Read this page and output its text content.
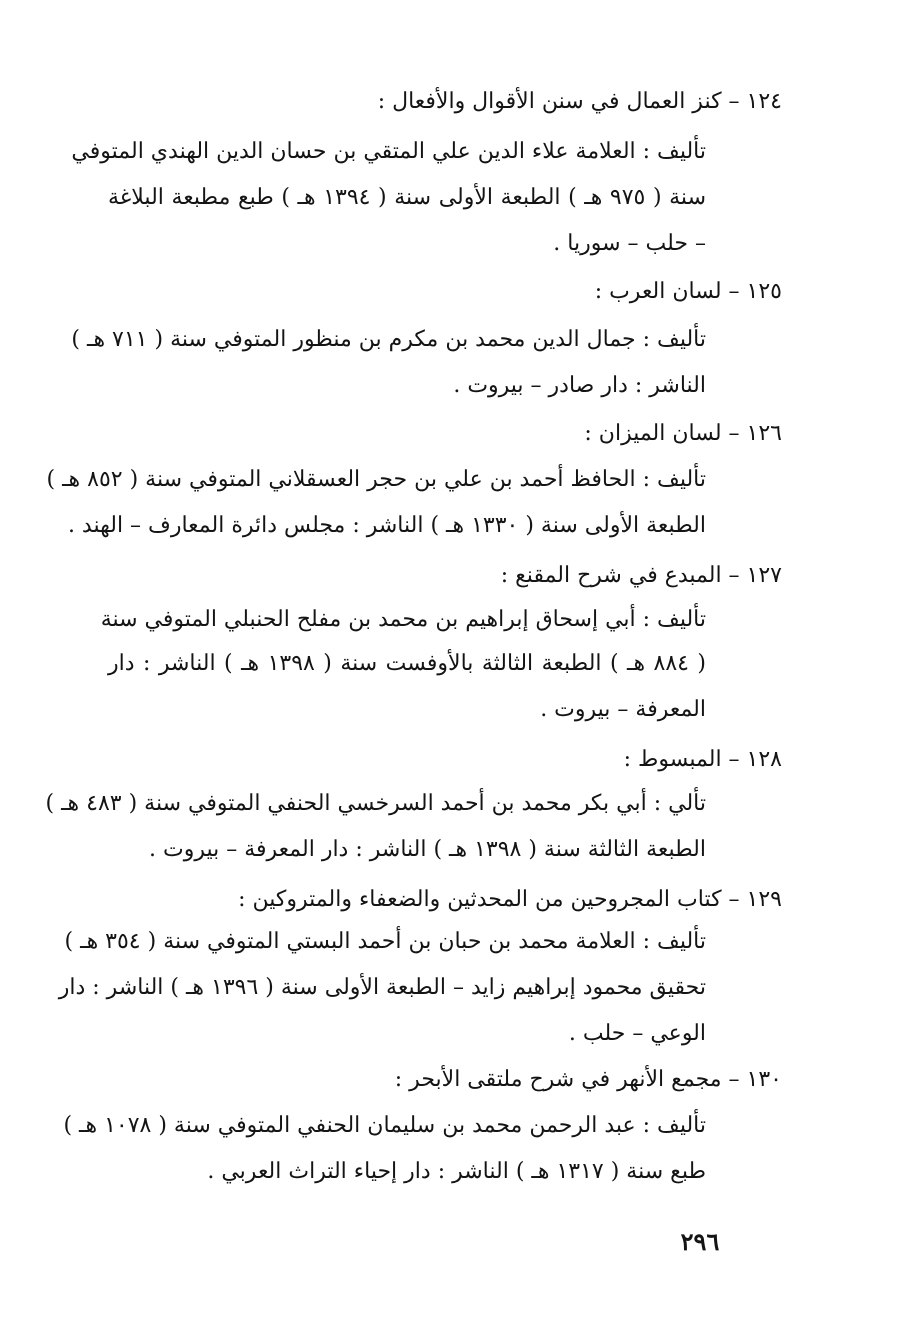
١٢٤ – كنز العمال في سنن الأقوال والأفعال :
تأليف : العلامة علاء الدين علي المتقي بن حسان الدين الهندي المتوفي
سنة ( ٩٧٥ هـ ) الطبعة الأولى سنة ( ١٣٩٤ هـ ) طبع مطبعة البلاغة
– حلب – سوريا .
١٢٥ – لسان العرب :
تأليف : جمال الدين محمد بن مكرم بن منظور المتوفي سنة ( ٧١١ هـ )
الناشر : دار صادر – بيروت .
١٢٦ – لسان الميزان :
تأليف : الحافظ أحمد بن علي بن حجر العسقلاني المتوفي سنة ( ٨٥٢ هـ )
الطبعة الأولى سنة ( ١٣٣٠ هـ ) الناشر : مجلس دائرة المعارف – الهند .
١٢٧ – المبدع في شرح المقنع :
تأليف : أبي إسحاق إبراهيم بن محمد بن مفلح الحنبلي المتوفي سنة
( ٨٨٤ هـ ) الطبعة الثالثة بالأوفست سنة ( ١٣٩٨ هـ ) الناشر : دار
المعرفة – بيروت .
١٢٨ – المبسوط :
تألي : أبي بكر محمد بن أحمد السرخسي الحنفي المتوفي سنة ( ٤٨٣ هـ )
الطبعة الثالثة سنة ( ١٣٩٨ هـ ) الناشر : دار المعرفة – بيروت .
١٢٩ – كتاب المجروحين من المحدثين والضعفاء والمتروكين :
تأليف : العلامة محمد بن حبان بن أحمد البستي المتوفي سنة ( ٣٥٤ هـ )
تحقيق محمود إبراهيم زايد – الطبعة الأولى سنة ( ١٣٩٦ هـ ) الناشر : دار
الوعي – حلب .
١٣٠ – مجمع الأنهر في شرح ملتقى الأبحر :
تأليف : عبد الرحمن محمد بن سليمان الحنفي المتوفي سنة ( ١٠٧٨ هـ )
طبع سنة ( ١٣١٧ هـ ) الناشر : دار إحياء التراث العربي .
٢٩٦
